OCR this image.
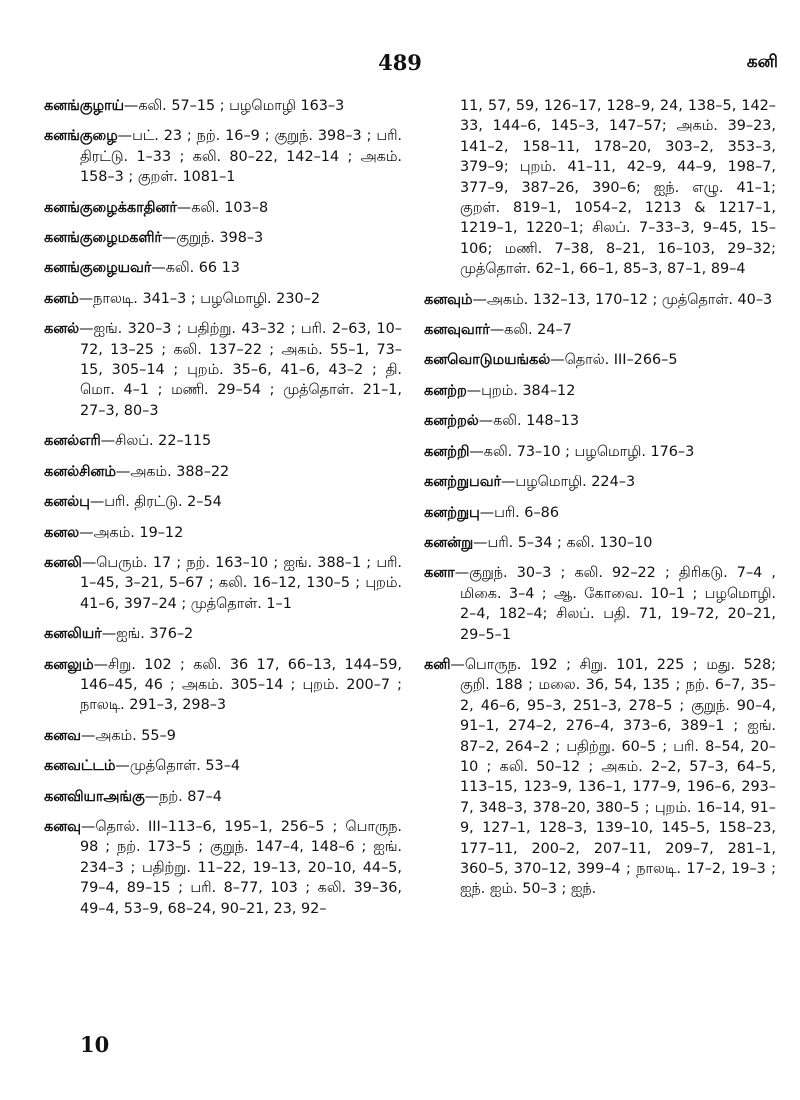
489	கனி
கனங்குழாய்—கலி. 57–15 ; பழமொழி 163–3
கனங்குழை—பட். 23 ; நற். 16–9 ; குறுந். 398–3 ; பரி. திரட்டு. 1–33 ; கலி. 80–22, 142–14 ; அகம். 158–3 ; குறள். 1081–1
கனங்குழைக்காதினர்—கலி. 103–8
கனங்குழைமகளிர்—குறுந். 398–3
கனங்குழையவர்—கலி. 66 13
கனம்—நாலடி. 341–3 ; பழமொழி. 230–2
கனல்—ஐங். 320–3 ; பதிற்று. 43–32 ; பரி. 2–63, 10–72, 13–25 ; கலி. 137–22 ; அகம். 55–1, 73–15, 305–14 ; புறம். 35–6, 41–6, 43–2 ; தி. மொ. 4–1 ; மணி. 29–54 ; முத்தொள். 21–1, 27–3, 80–3
கனல்எரி—சிலப். 22–115
கனல்சினம்—அகம். 388–22
கனல்பு—பரி. திரட்டு. 2–54
கனல—அகம். 19–12
கனலி—பெரும். 17 ; நற். 163–10 ; ஐங். 388–1 ; பரி. 1–45, 3–21, 5–67 ; கலி. 16–12, 130–5 ; புறம். 41–6, 397–24 ; முத்தொள். 1–1
கனலியர்—ஐங். 376–2
கனலும்—சிறு. 102 ; கலி. 36 17, 66–13, 144–59, 146–45, 46 ; அகம். 305–14 ; புறம். 200–7 ; நாலடி. 291–3, 298–3
கனவ—அகம். 55–9
கனவட்டம்—முத்தொள். 53–4
கனவியாஅங்கு—நற். 87–4
கனவு—தொல். III–113–6, 195–1, 256–5 ; பொருந. 98 ; நற். 173–5 ; குறுந். 147–4, 148–6 ; ஐங். 234–3 ; பதிற்று. 11–22, 19–13, 20–10, 44–5, 79–4, 89–15 ; பரி. 8–77, 103 ; கலி. 39–36, 49–4, 53–9, 68–24, 90–21, 23, 92–
11, 57, 59, 126–17, 128–9, 24, 138–5, 142–33, 144–6, 145–3, 147–57; அகம். 39–23, 141–2, 158–11, 178–20, 303–2, 353–3, 379–9; புறம். 41–11, 42–9, 44–9, 198–7, 377–9, 387–26, 390–6; ஐந். எழு. 41–1; குறள். 819–1, 1054–2, 1213 & 1217–1, 1219–1, 1220–1; சிலப். 7–33–3, 9–45, 15–106; மணி. 7–38, 8–21, 16–103, 29–32; முத்தொள். 62–1, 66–1, 85–3, 87–1, 89–4
கனவும்—அகம். 132–13, 170–12 ; முத்தொள். 40–3
கனவுவார்—கலி. 24–7
கனவொடுமயங்கல்—தொல். III–266–5
கனற்ற—புறம். 384–12
கனற்றல்—கலி. 148–13
கனற்றி—கலி. 73–10 ; பழமொழி. 176–3
கனற்றுபவர்—பழமொழி. 224–3
கனற்றுபு—பரி. 6–86
கனன்று—பரி. 5–34 ; கலி. 130–10
கனா—குறுந். 30–3 ; கலி. 92–22 ; திரிகடு. 7–4 , மிகை. 3–4 ; ஆ. கோவை. 10–1 ; பழமொழி. 2–4, 182–4; சிலப். பதி. 71, 19–72, 20–21, 29–5–1
கனி—பொருந. 192 ; சிறு. 101, 225 ; மது. 528; குறி. 188 ; மலை. 36, 54, 135 ; நற். 6–7, 35–2, 46–6, 95–3, 251–3, 278–5 ; குறுந். 90–4, 91–1, 274–2, 276–4, 373–6, 389–1 ; ஐங். 87–2, 264–2 ; பதிற்று. 60–5 ; பரி. 8–54, 20–10 ; கலி. 50–12 ; அகம். 2–2, 57–3, 64–5, 113–15, 123–9, 136–1, 177–9, 196–6, 293–7, 348–3, 378–20, 380–5 ; புறம். 16–14, 91–9, 127–1, 128–3, 139–10, 145–5, 158–23, 177–11, 200–2, 207–11, 209–7, 281–1, 360–5, 370–12, 399–4 ; நாலடி. 17–2, 19–3 ; ஐந். ஐம். 50–3 ; ஐந்.
10
